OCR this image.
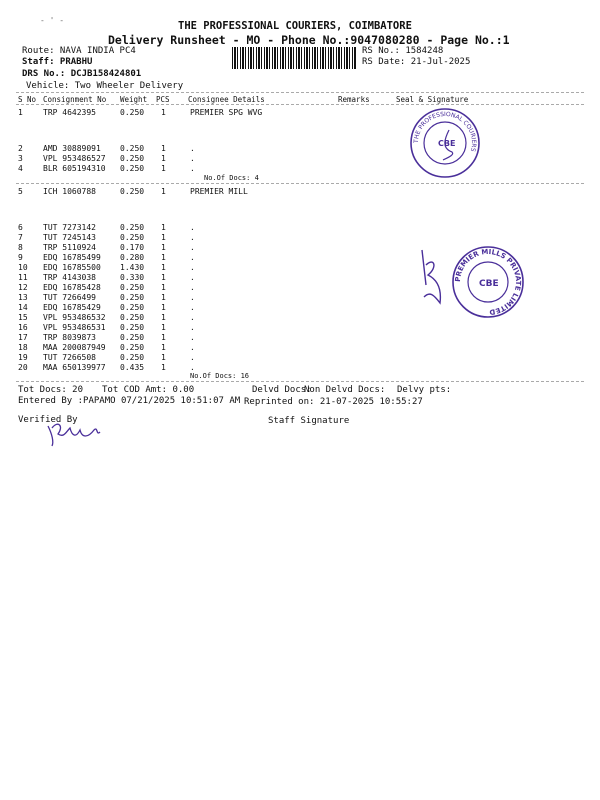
- ' -	THE PROFESSIONAL COURIERS, COIMBATORE
Delivery Runsheet - MO - Phone No.:9047080280 - Page No.:1
Route: NAVA INDIA PC4
Staff: PRABHU
DRS No.: DCJB158424801
Vehicle: Two Wheeler Delivery
RS No.: 1584248
RS Date: 21-Jul-2025
S No Consignment No Weight PCS Consignee Details	Remarks	Seal & Signature
1	TRP 4642395	0.250 1	PREMIER SPG WVG
2	AMD 30889091 0.250 1	.
3	VPL 953486527 0.250 1	.
4	BLR 605194310 0.250 1	.
No.Of Docs: 4
5	ICH 1060788	0.250 1	PREMIER MILL
6	TUT 7273142	0.250 1	.
7	TUT 7245143	0.250 1	.
8	TRP 5110924	0.170 1	.
9	EDQ 16785499 0.280 1	.
10 EDQ 16785500 1.430 1	.
11 TRP 4143038	0.330 1	.
12 EDQ 16785428 0.250 1	.
13 TUT 7266499	0.250 1	.
14 EDQ 16785429 0.250 1	.
15 VPL 953486532 0.250 1	.
16 VPL 953486531 0.250 1	.
17 TRP 8039873	0.250 1	.
18 MAA 200087949 0.250 1	.
19 TUT 7266508	0.250 1	.
20 MAA 650139977 0.435 1	.
No.Of Docs: 16
Tot Docs: 20 Tot COD Amt: 0.00	Delvd Docs:
Non Delvd Docs: Delvy pts:
Entered By :PAPAMO 07/21/2025 10:51:07 AM Reprinted on: 21-07-2025 10:55:27
Verified By	Staff Signature
THE PROFESSIONAL COURIERS
CBE
PREMIER MILLS PRIVATE LIMITED
CBE
